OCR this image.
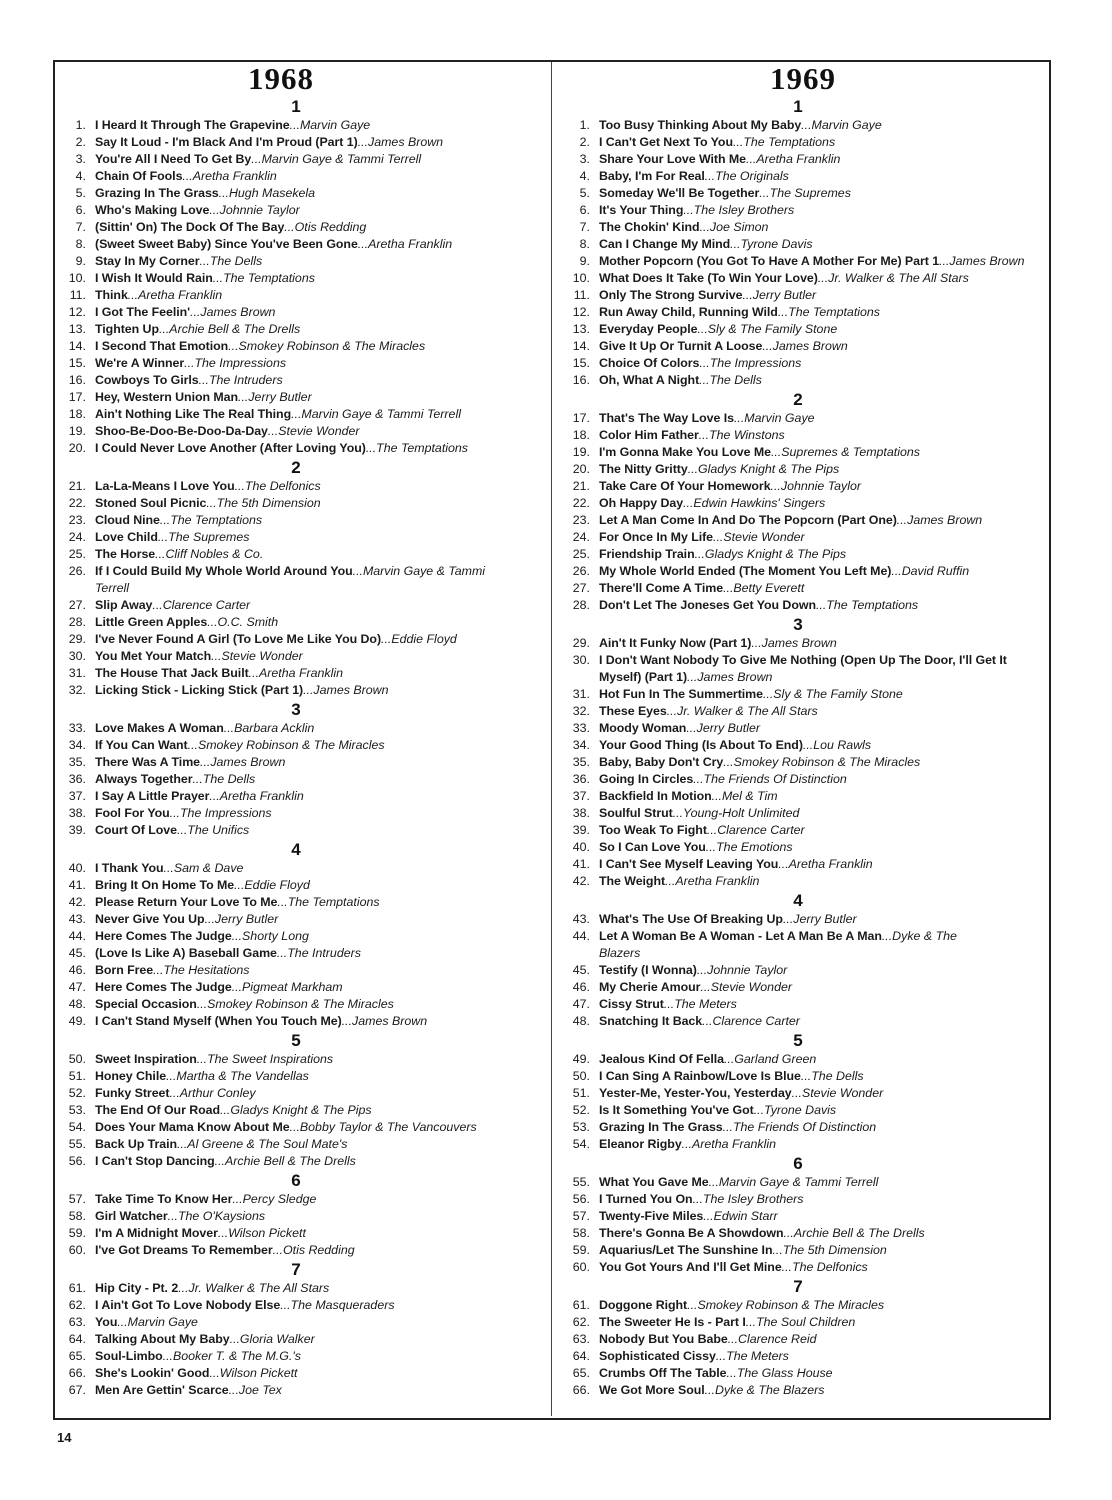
1968
1
1. I Heard It Through The Grapevine...Marvin Gaye
2. Say It Loud - I'm Black And I'm Proud (Part 1)...James Brown
3. You're All I Need To Get By...Marvin Gaye & Tammi Terrell
4. Chain Of Fools...Aretha Franklin
5. Grazing In The Grass...Hugh Masekela
6. Who's Making Love...Johnnie Taylor
7. (Sittin' On) The Dock Of The Bay...Otis Redding
8. (Sweet Sweet Baby) Since You've Been Gone...Aretha Franklin
9. Stay In My Corner...The Dells
10. I Wish It Would Rain...The Temptations
11. Think...Aretha Franklin
12. I Got The Feelin'...James Brown
13. Tighten Up...Archie Bell & The Drells
14. I Second That Emotion...Smokey Robinson & The Miracles
15. We're A Winner...The Impressions
16. Cowboys To Girls...The Intruders
17. Hey, Western Union Man...Jerry Butler
18. Ain't Nothing Like The Real Thing...Marvin Gaye & Tammi Terrell
19. Shoo-Be-Doo-Be-Doo-Da-Day...Stevie Wonder
20. I Could Never Love Another (After Loving You)...The Temptations
2
21. La-La-Means I Love You...The Delfonics
22. Stoned Soul Picnic...The 5th Dimension
23. Cloud Nine...The Temptations
24. Love Child...The Supremes
25. The Horse...Cliff Nobles & Co.
26. If I Could Build My Whole World Around You...Marvin Gaye & Tammi
Terrell
27. Slip Away...Clarence Carter
28. Little Green Apples...O.C. Smith
29. I've Never Found A Girl (To Love Me Like You Do)...Eddie Floyd
30. You Met Your Match...Stevie Wonder
31. The House That Jack Built...Aretha Franklin
32. Licking Stick - Licking Stick (Part 1)...James Brown
3
33. Love Makes A Woman...Barbara Acklin
34. If You Can Want...Smokey Robinson & The Miracles
35. There Was A Time...James Brown
36. Always Together...The Dells
37. I Say A Little Prayer...Aretha Franklin
38. Fool For You...The Impressions
39. Court Of Love...The Unifics
4
40. I Thank You...Sam & Dave
41. Bring It On Home To Me...Eddie Floyd
42. Please Return Your Love To Me...The Temptations
43. Never Give You Up...Jerry Butler
44. Here Comes The Judge...Shorty Long
45. (Love Is Like A) Baseball Game...The Intruders
46. Born Free...The Hesitations
47. Here Comes The Judge...Pigmeat Markham
48. Special Occasion...Smokey Robinson & The Miracles
49. I Can't Stand Myself (When You Touch Me)...James Brown
5
50. Sweet Inspiration...The Sweet Inspirations
51. Honey Chile...Martha & The Vandellas
52. Funky Street...Arthur Conley
53. The End Of Our Road...Gladys Knight & The Pips
54. Does Your Mama Know About Me...Bobby Taylor & The Vancouvers
55. Back Up Train...Al Greene & The Soul Mate's
56. I Can't Stop Dancing...Archie Bell & The Drells
6
57. Take Time To Know Her...Percy Sledge
58. Girl Watcher...The O'Kaysions
59. I'm A Midnight Mover...Wilson Pickett
60. I've Got Dreams To Remember...Otis Redding
7
61. Hip City - Pt. 2...Jr. Walker & The All Stars
62. I Ain't Got To Love Nobody Else...The Masqueraders
63. You...Marvin Gaye
64. Talking About My Baby...Gloria Walker
65. Soul-Limbo...Booker T. & The M.G.'s
66. She's Lookin' Good...Wilson Pickett
67. Men Are Gettin' Scarce...Joe Tex
1969
1
1. Too Busy Thinking About My Baby...Marvin Gaye
2. I Can't Get Next To You...The Temptations
3. Share Your Love With Me...Aretha Franklin
4. Baby, I'm For Real...The Originals
5. Someday We'll Be Together...The Supremes
6. It's Your Thing...The Isley Brothers
7. The Chokin' Kind...Joe Simon
8. Can I Change My Mind...Tyrone Davis
9. Mother Popcorn (You Got To Have A Mother For Me) Part 1...James Brown
10. What Does It Take (To Win Your Love)...Jr. Walker & The All Stars
11. Only The Strong Survive...Jerry Butler
12. Run Away Child, Running Wild...The Temptations
13. Everyday People...Sly & The Family Stone
14. Give It Up Or Turnit A Loose...James Brown
15. Choice Of Colors...The Impressions
16. Oh, What A Night...The Dells
2
17. That's The Way Love Is...Marvin Gaye
18. Color Him Father...The Winstons
19. I'm Gonna Make You Love Me...Supremes & Temptations
20. The Nitty Gritty...Gladys Knight & The Pips
21. Take Care Of Your Homework...Johnnie Taylor
22. Oh Happy Day...Edwin Hawkins' Singers
23. Let A Man Come In And Do The Popcorn (Part One)...James Brown
24. For Once In My Life...Stevie Wonder
25. Friendship Train...Gladys Knight & The Pips
26. My Whole World Ended (The Moment You Left Me)...David Ruffin
27. There'll Come A Time...Betty Everett
28. Don't Let The Joneses Get You Down...The Temptations
3
29. Ain't It Funky Now (Part 1)...James Brown
30. I Don't Want Nobody To Give Me Nothing (Open Up The Door, I'll Get It
Myself) (Part 1)...James Brown
31. Hot Fun In The Summertime...Sly & The Family Stone
32. These Eyes...Jr. Walker & The All Stars
33. Moody Woman...Jerry Butler
34. Your Good Thing (Is About To End)...Lou Rawls
35. Baby, Baby Don't Cry...Smokey Robinson & The Miracles
36. Going In Circles...The Friends Of Distinction
37. Backfield In Motion...Mel & Tim
38. Soulful Strut...Young-Holt Unlimited
39. Too Weak To Fight...Clarence Carter
40. So I Can Love You...The Emotions
41. I Can't See Myself Leaving You...Aretha Franklin
42. The Weight...Aretha Franklin
4
43. What's The Use Of Breaking Up...Jerry Butler
44. Let A Woman Be A Woman - Let A Man Be A Man...Dyke & The
Blazers
45. Testify (I Wonna)...Johnnie Taylor
46. My Cherie Amour...Stevie Wonder
47. Cissy Strut...The Meters
48. Snatching It Back...Clarence Carter
5
49. Jealous Kind Of Fella...Garland Green
50. I Can Sing A Rainbow/Love Is Blue...The Dells
51. Yester-Me, Yester-You, Yesterday...Stevie Wonder
52. Is It Something You've Got...Tyrone Davis
53. Grazing In The Grass...The Friends Of Distinction
54. Eleanor Rigby...Aretha Franklin
6
55. What You Gave Me...Marvin Gaye & Tammi Terrell
56. I Turned You On...The Isley Brothers
57. Twenty-Five Miles...Edwin Starr
58. There's Gonna Be A Showdown...Archie Bell & The Drells
59. Aquarius/Let The Sunshine In...The 5th Dimension
60. You Got Yours And I'll Get Mine...The Delfonics
7
61. Doggone Right...Smokey Robinson & The Miracles
62. The Sweeter He Is - Part I...The Soul Children
63. Nobody But You Babe...Clarence Reid
64. Sophisticated Cissy...The Meters
65. Crumbs Off The Table...The Glass House
66. We Got More Soul...Dyke & The Blazers
14
